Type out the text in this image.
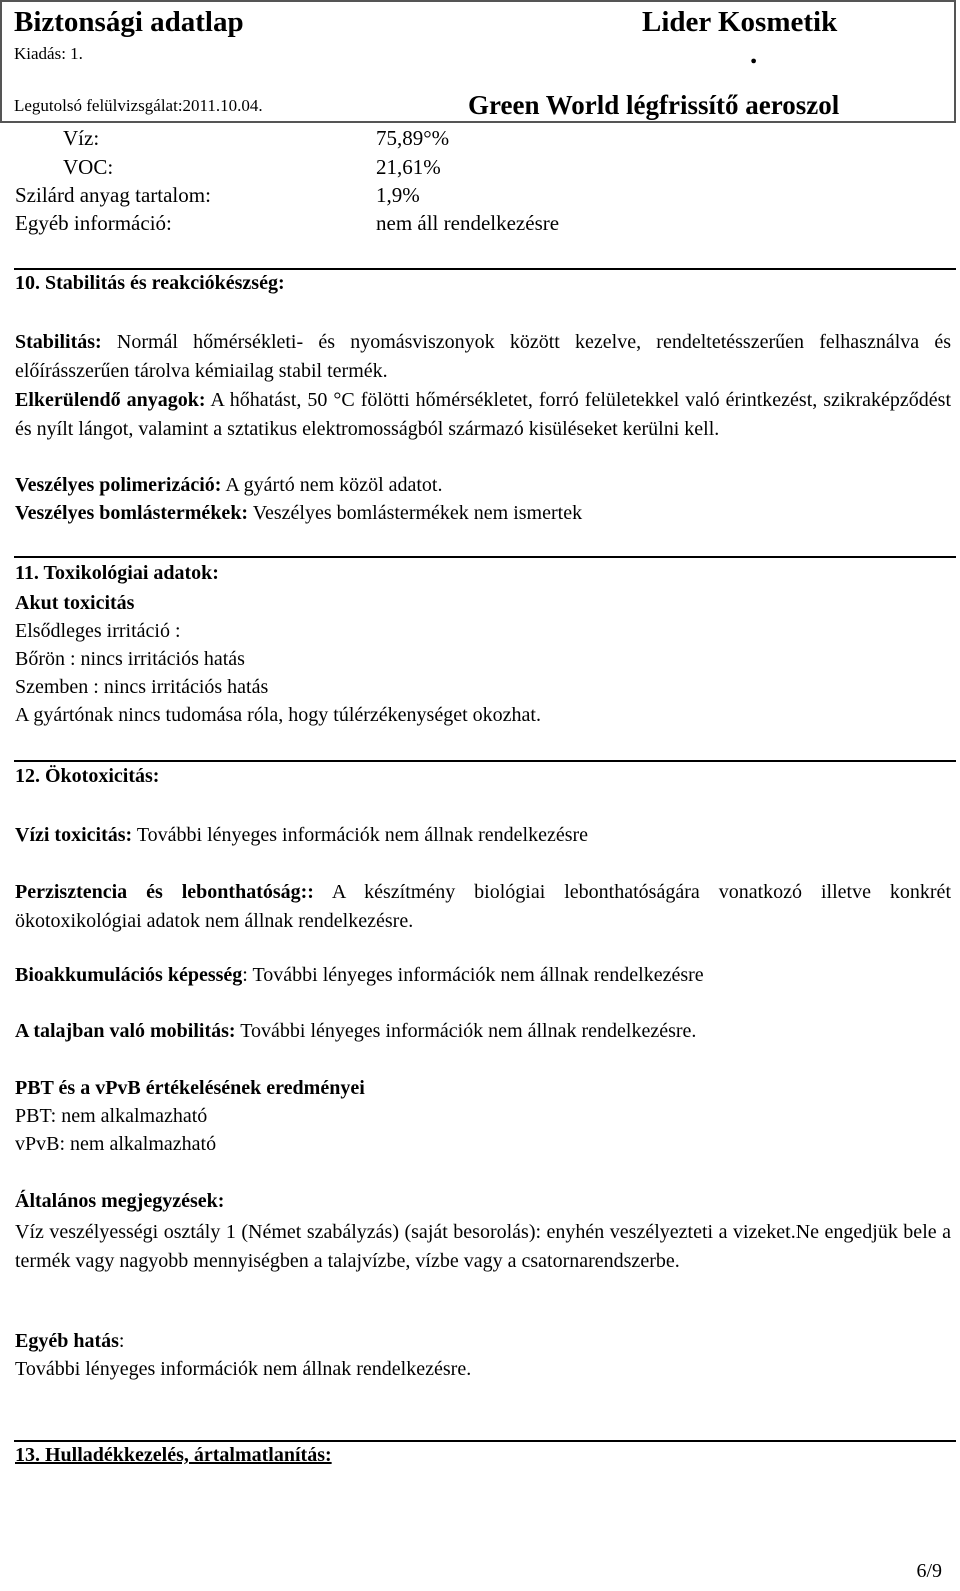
Biztonsági adatlap	Lider Kosmetik
Kiadás: 1.	.
Legutolsó felülvizsgálat:2011.10.04.	Green World légfrissítő aeroszol
Víz:	75,89°%
VOC:	21,61%
Szilárd anyag tartalom:	1,9%
Egyéb információ:	nem áll rendelkezésre
10. Stabilitás és reakciókészség:
Stabilitás: Normál hőmérsékleti- és nyomásviszonyok között kezelve, rendeltetésszerűen felhasználva és előírásszerűen tárolva kémiailag stabil termék.
Elkerülendő anyagok: A hőhatást, 50 °C fölötti hőmérsékletet, forró felületekkel való érintkezést, szikraképződést és nyílt lángot, valamint a sztatikus elektromosságból származó kisüléseket kerülni kell.
Veszélyes polimerizáció: A gyártó nem közöl adatot.
Veszélyes bomlástermékek: Veszélyes bomlástermékek nem ismertek
11. Toxikológiai adatok:
Akut toxicitás
Elsődleges irritáció :
Bőrön : nincs irritációs hatás
Szemben : nincs irritációs hatás
A gyártónak nincs tudomása róla, hogy túlérzékenységet okozhat.
12. Ökotoxicitás:
Vízi toxicitás: További lényeges információk nem állnak rendelkezésre
Perzisztencia és lebonthatóság:: A készítmény biológiai lebonthatóságára vonatkozó illetve konkrét ökotoxikológiai adatok nem állnak rendelkezésre.
Bioakkumulációs képesség: További lényeges információk nem állnak rendelkezésre
A talajban való mobilitás: További lényeges információk nem állnak rendelkezésre.
PBT és a vPvB értékelésének eredményei
PBT: nem alkalmazható
vPvB: nem alkalmazható
Általános megjegyzések:
Víz veszélyességi osztály 1 (Német szabályzás) (saját besorolás): enyhén veszélyezteti a vizeket.Ne engedjük bele a termék vagy nagyobb mennyiségben a talajvízbe, vízbe vagy a csatornarendszerbe.
Egyéb hatás:
További lényeges információk nem állnak rendelkezésre.
13. Hulladékkezelés, ártalmatlanítás:
6/9
